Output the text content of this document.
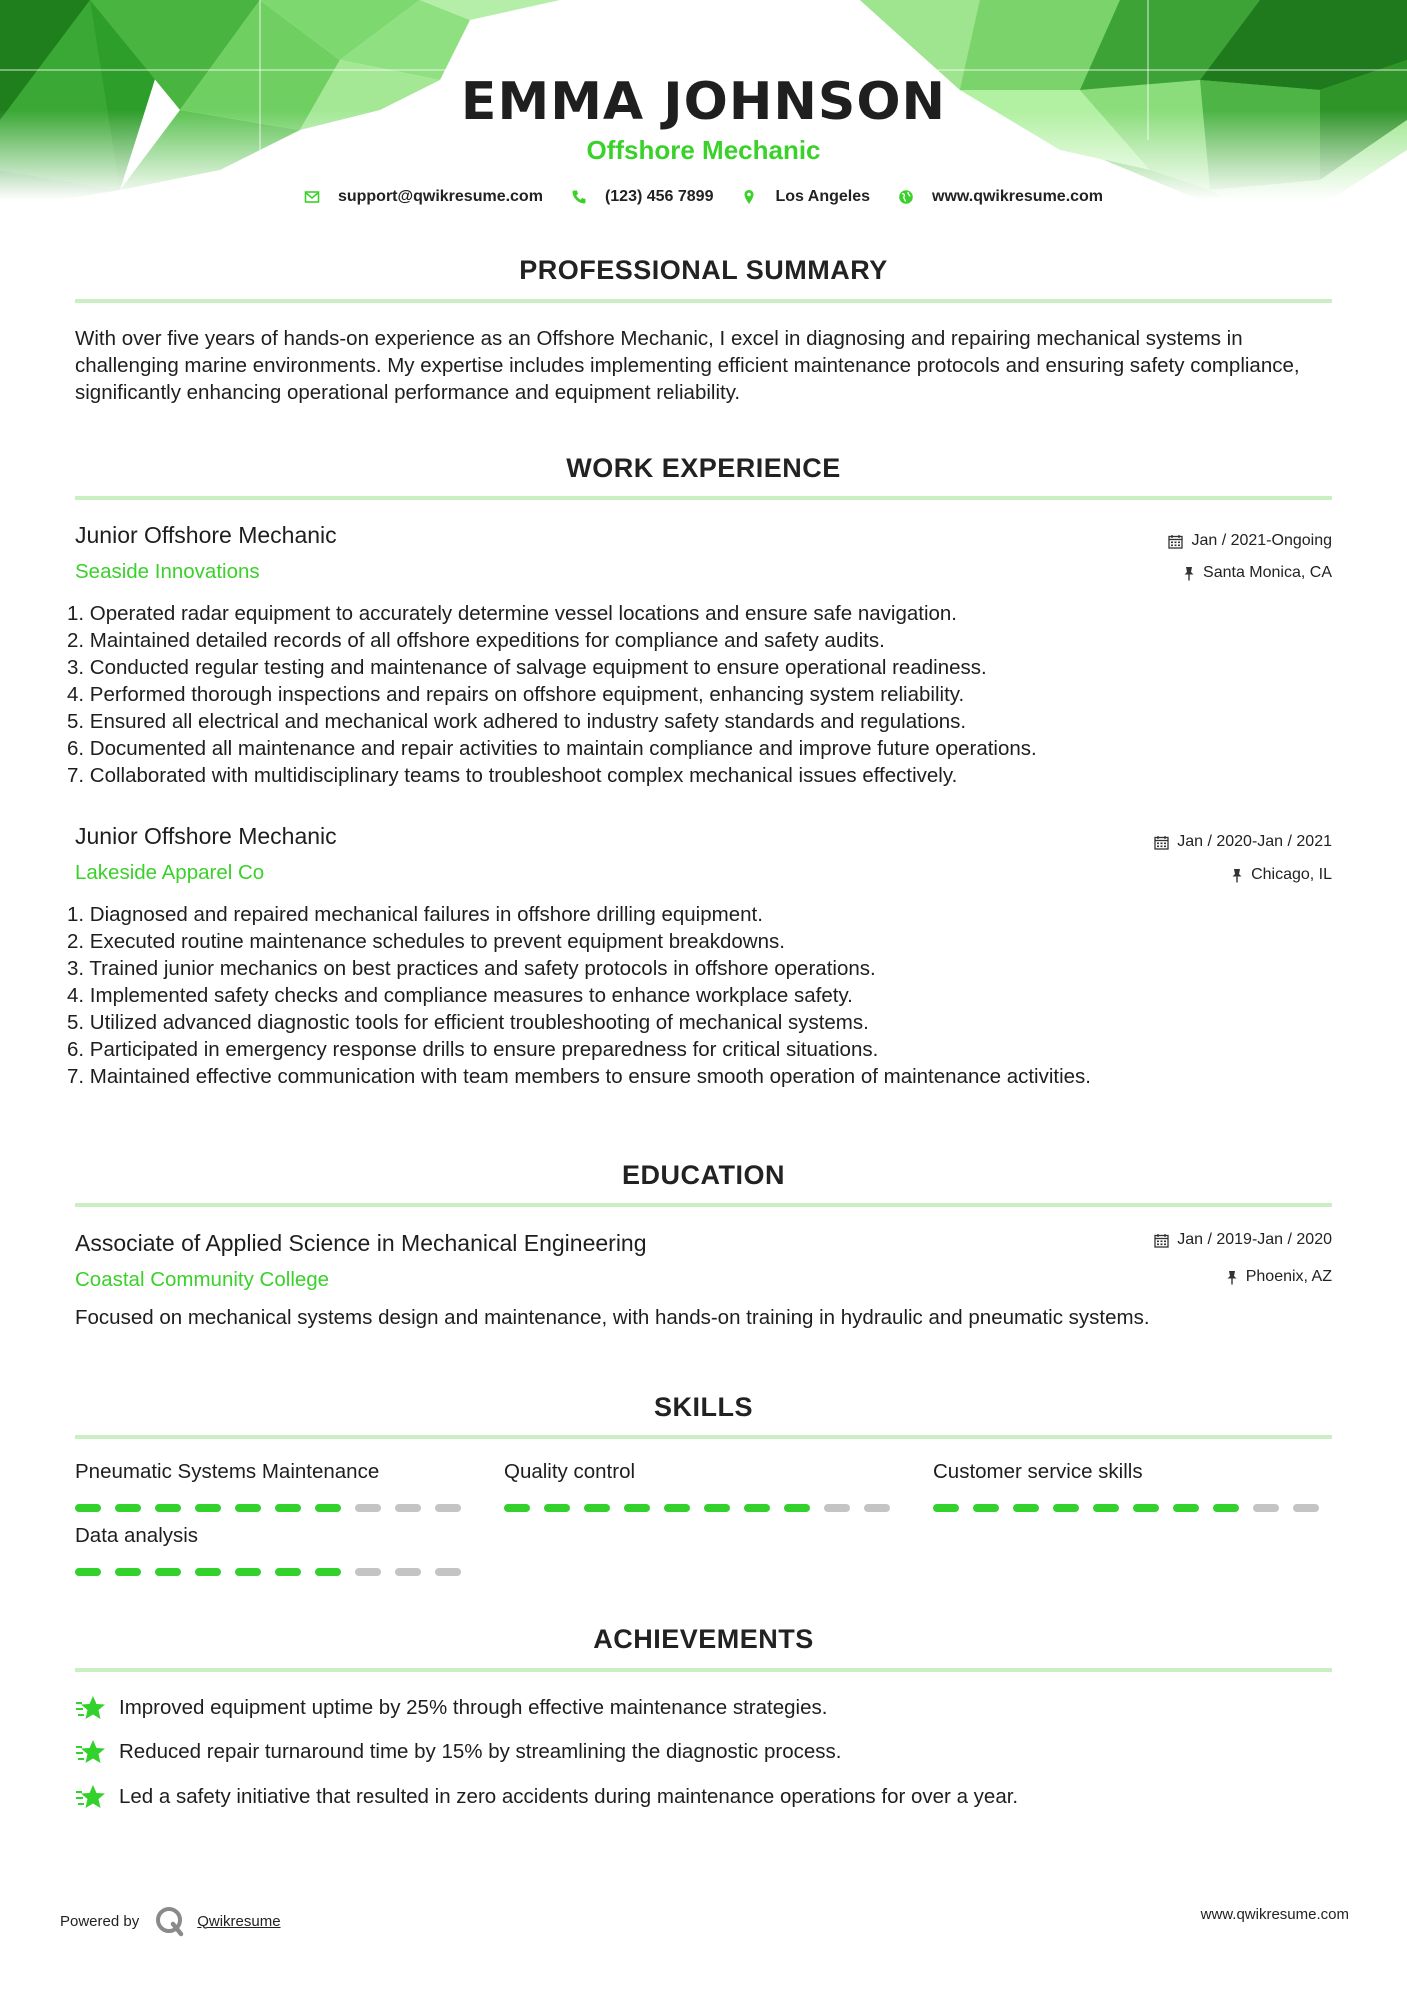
EMMA JOHNSON
Offshore Mechanic
support@qwikresume.com	(123) 456 7899	Los Angeles	www.qwikresume.com
PROFESSIONAL SUMMARY
With over five years of hands-on experience as an Offshore Mechanic, I excel in diagnosing and repairing mechanical systems in challenging marine environments. My expertise includes implementing efficient maintenance protocols and ensuring safety compliance, significantly enhancing operational performance and equipment reliability.
WORK EXPERIENCE
Junior Offshore Mechanic
Seaside Innovations
Jan / 2021-Ongoing
Santa Monica, CA
1. Operated radar equipment to accurately determine vessel locations and ensure safe navigation.
2. Maintained detailed records of all offshore expeditions for compliance and safety audits.
3. Conducted regular testing and maintenance of salvage equipment to ensure operational readiness.
4. Performed thorough inspections and repairs on offshore equipment, enhancing system reliability.
5. Ensured all electrical and mechanical work adhered to industry safety standards and regulations.
6. Documented all maintenance and repair activities to maintain compliance and improve future operations.
7. Collaborated with multidisciplinary teams to troubleshoot complex mechanical issues effectively.
Junior Offshore Mechanic
Lakeside Apparel Co
Jan / 2020-Jan / 2021
Chicago, IL
1. Diagnosed and repaired mechanical failures in offshore drilling equipment.
2. Executed routine maintenance schedules to prevent equipment breakdowns.
3. Trained junior mechanics on best practices and safety protocols in offshore operations.
4. Implemented safety checks and compliance measures to enhance workplace safety.
5. Utilized advanced diagnostic tools for efficient troubleshooting of mechanical systems.
6. Participated in emergency response drills to ensure preparedness for critical situations.
7. Maintained effective communication with team members to ensure smooth operation of maintenance activities.
EDUCATION
Associate of Applied Science in Mechanical Engineering
Coastal Community College
Jan / 2019-Jan / 2020
Phoenix, AZ
Focused on mechanical systems design and maintenance, with hands-on training in hydraulic and pneumatic systems.
SKILLS
Pneumatic Systems Maintenance	Quality control	Customer service skills
Data analysis
ACHIEVEMENTS
Improved equipment uptime by 25% through effective maintenance strategies.
Reduced repair turnaround time by 15% by streamlining the diagnostic process.
Led a safety initiative that resulted in zero accidents during maintenance operations for over a year.
Powered by	Qwikresume	www.qwikresume.com
